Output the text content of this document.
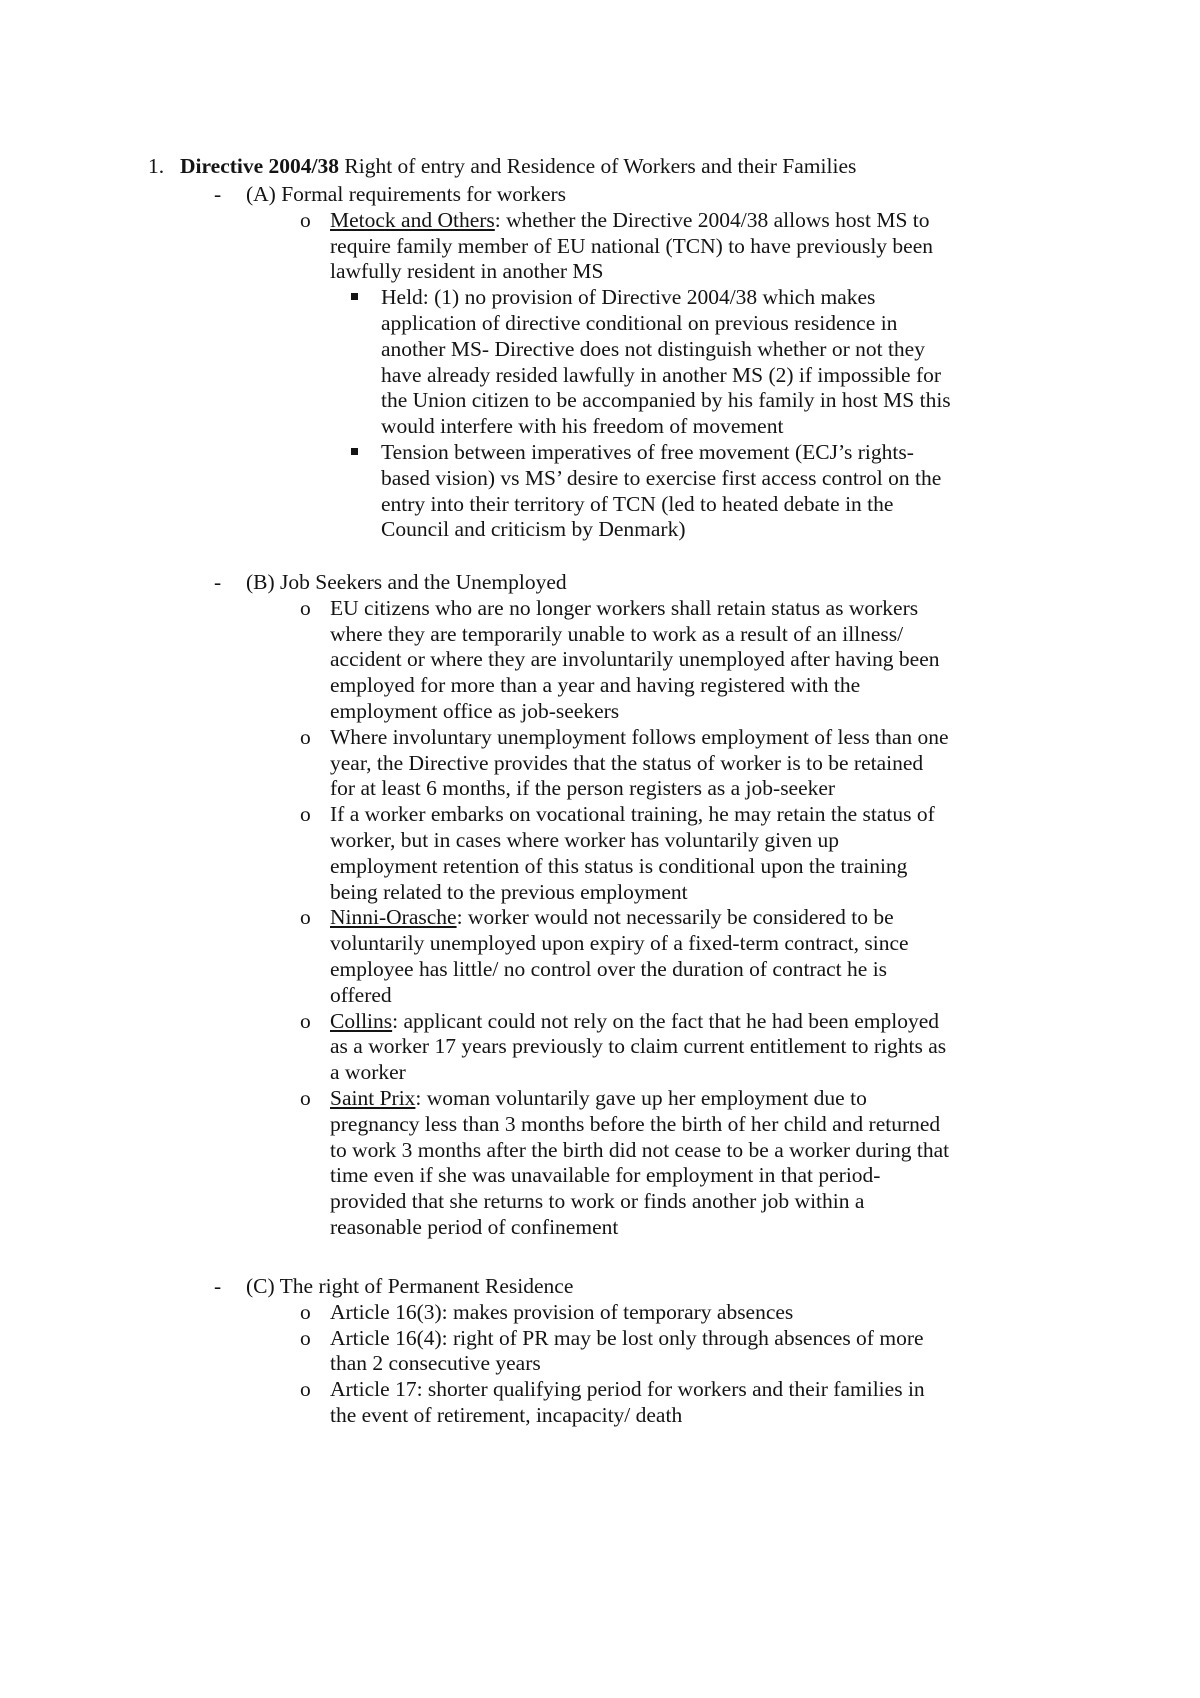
1. Directive 2004/38 Right of entry and Residence of Workers and their Families
- (A) Formal requirements for workers
o Metock and Others: whether the Directive 2004/38 allows host MS to
require family member of EU national (TCN) to have previously been
lawfully resident in another MS
Held: (1) no provision of Directive 2004/38 which makes
application of directive conditional on previous residence in
another MS- Directive does not distinguish whether or not they
have already resided lawfully in another MS (2) if impossible for
the Union citizen to be accompanied by his family in host MS this
would interfere with his freedom of movement
Tension between imperatives of free movement (ECJ’s rights-
based vision) vs MS’ desire to exercise first access control on the
entry into their territory of TCN (led to heated debate in the
Council and criticism by Denmark)
- (B) Job Seekers and the Unemployed
o EU citizens who are no longer workers shall retain status as workers
where they are temporarily unable to work as a result of an illness/
accident or where they are involuntarily unemployed after having been
employed for more than a year and having registered with the
employment office as job-seekers
o Where involuntary unemployment follows employment of less than one
year, the Directive provides that the status of worker is to be retained
for at least 6 months, if the person registers as a job-seeker
o If a worker embarks on vocational training, he may retain the status of
worker, but in cases where worker has voluntarily given up
employment retention of this status is conditional upon the training
being related to the previous employment
o Ninni-Orasche: worker would not necessarily be considered to be
voluntarily unemployed upon expiry of a fixed-term contract, since
employee has little/ no control over the duration of contract he is
offered
o Collins: applicant could not rely on the fact that he had been employed
as a worker 17 years previously to claim current entitlement to rights as
a worker
o Saint Prix: woman voluntarily gave up her employment due to
pregnancy less than 3 months before the birth of her child and returned
to work 3 months after the birth did not cease to be a worker during that
time even if she was unavailable for employment in that period-
provided that she returns to work or finds another job within a
reasonable period of confinement
- (C) The right of Permanent Residence
o Article 16(3): makes provision of temporary absences
o Article 16(4): right of PR may be lost only through absences of more
than 2 consecutive years
o Article 17: shorter qualifying period for workers and their families in
the event of retirement, incapacity/ death
